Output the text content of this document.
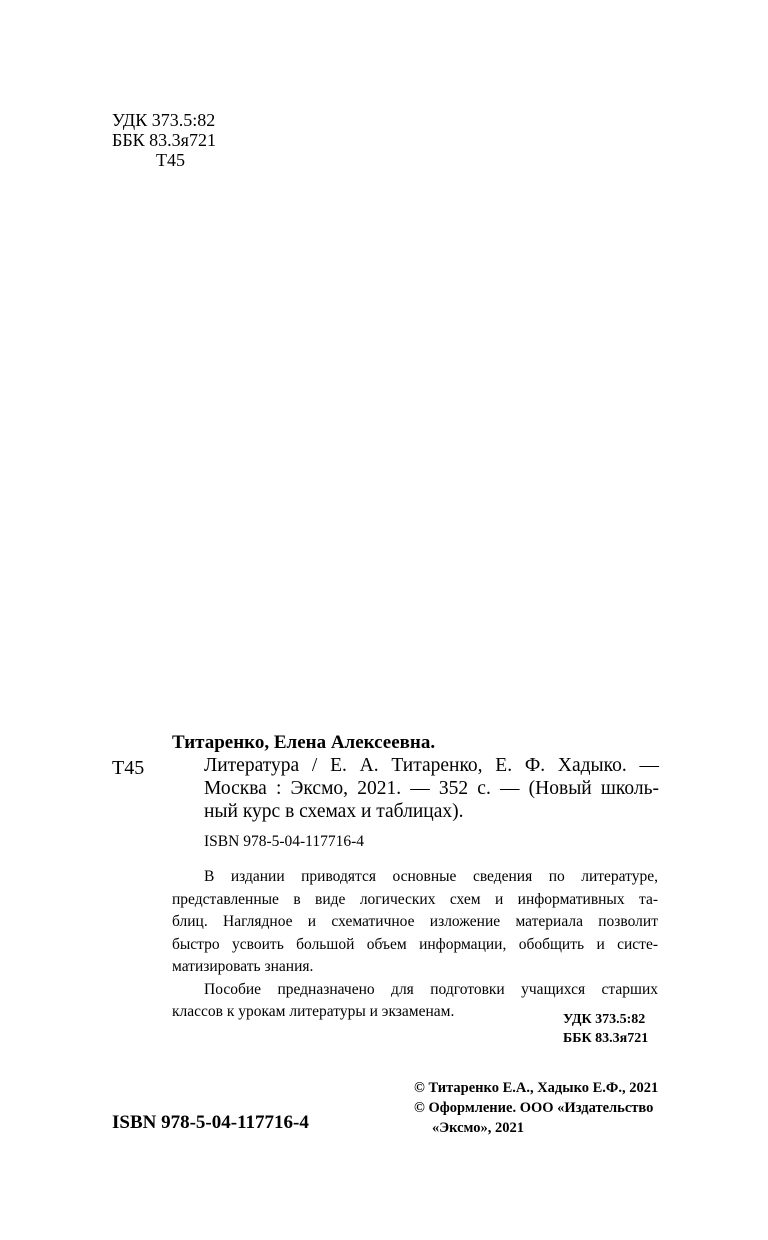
УДК 373.5:82
ББК 83.3я721
Т45
Титаренко, Елена Алексеевна.
Т45	Литература / Е. А. Титаренко, Е. Ф. Хадыко. —
Москва : Эксмо, 2021. — 352 с. — (Новый школь-
ный курс в схемах и таблицах).
ISBN 978-5-04-117716-4
В издании приводятся основные сведения по литературе,
представленные в виде логических схем и информативных та-
блиц. Наглядное и схематичное изложение материала позволит
быстро усвоить большой объем информации, обобщить и систе-
матизировать знания.
Пособие предназначено для подготовки учащихся старших
классов к урокам литературы и экзаменам.	УДК 373.5:82
ББК 83.3я721
© Титаренко Е.А., Хадыко Е.Ф., 2021
© Оформление. ООО «Издательство
«Эксмо», 2021
ISBN 978-5-04-117716-4
